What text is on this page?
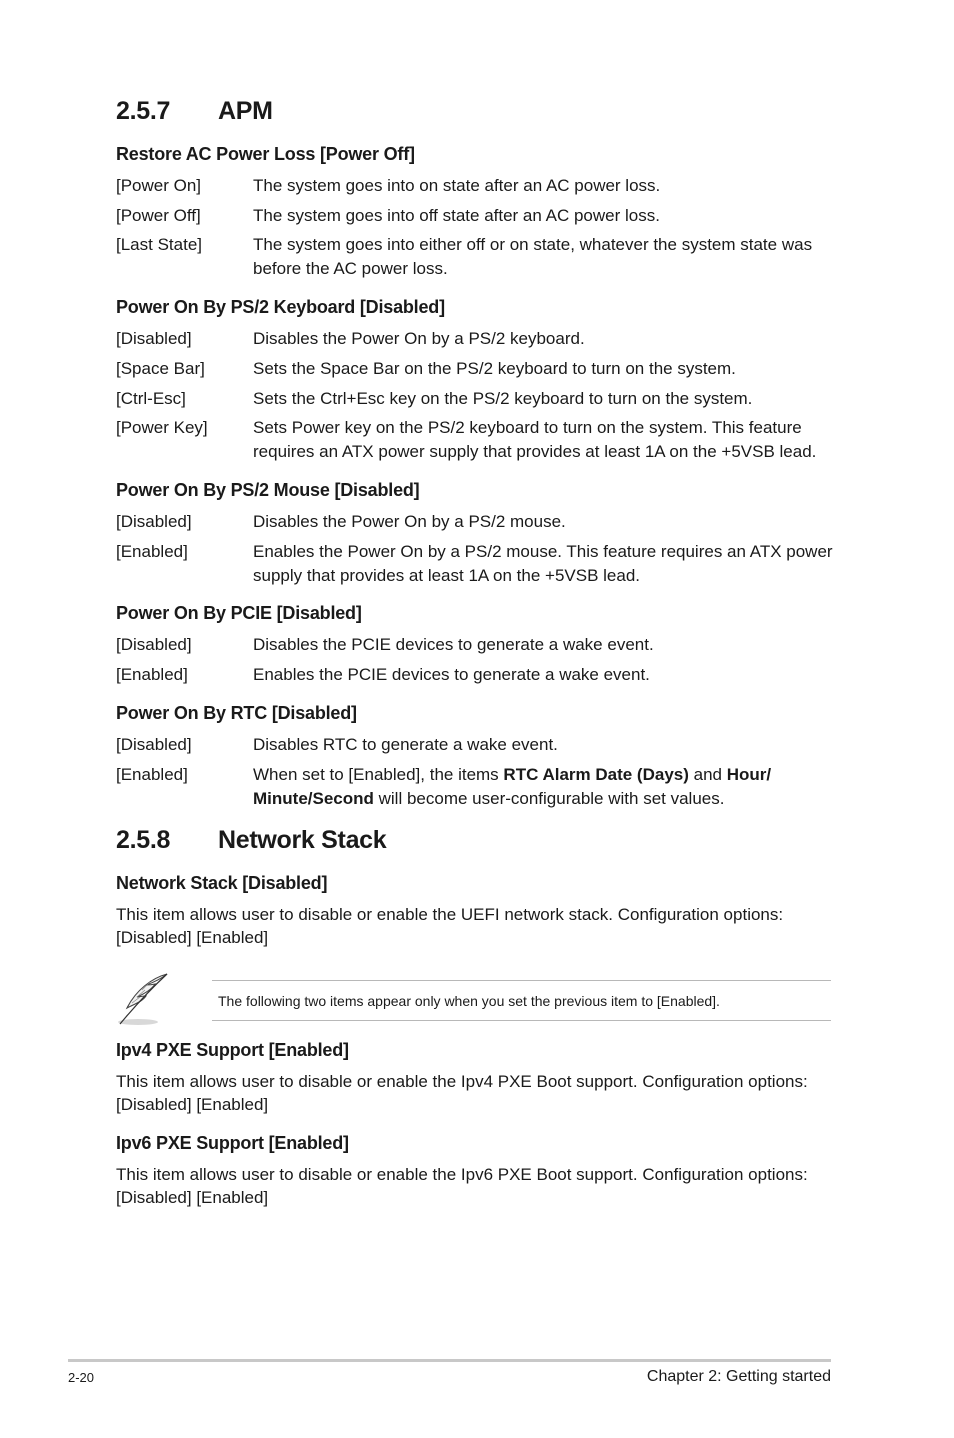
2.5.7 APM
Restore AC Power Loss [Power Off]
[Power On]	The system goes into on state after an AC power loss.
[Power Off]	The system goes into off state after an AC power loss.
[Last State]	The system goes into either off or on state, whatever the system state was before the AC power loss.
Power On By PS/2 Keyboard [Disabled]
[Disabled]	Disables the Power On by a PS/2 keyboard.
[Space Bar]	Sets the Space Bar on the PS/2 keyboard to turn on the system.
[Ctrl-Esc]	Sets the Ctrl+Esc key on the PS/2 keyboard to turn on the system.
[Power Key]	Sets Power key on the PS/2 keyboard to turn on the system. This feature requires an ATX power supply that provides at least 1A on the +5VSB lead.
Power On By PS/2 Mouse [Disabled]
[Disabled]	Disables the Power On by a PS/2 mouse.
[Enabled]	Enables the Power On by a PS/2 mouse. This feature requires an ATX power supply that provides at least 1A on the +5VSB lead.
Power On By PCIE [Disabled]
[Disabled]	Disables the PCIE devices to generate a wake event.
[Enabled]	Enables the PCIE devices to generate a wake event.
Power On By RTC [Disabled]
[Disabled]	Disables RTC to generate a wake event.
[Enabled]	When set to [Enabled], the items RTC Alarm Date (Days) and Hour/ Minute/Second will become user-configurable with set values.
2.5.8 Network Stack
Network Stack [Disabled]

This item allows user to disable or enable the UEFI network stack. Configuration options: [Disabled] [Enabled]

The following two items appear only when you set the previous item to [Enabled].
Ipv4 PXE Support [Enabled]

This item allows user to disable or enable the Ipv4 PXE Boot support. Configuration options: [Disabled] [Enabled]

Ipv6 PXE Support [Enabled]

This item allows user to disable or enable the Ipv6 PXE Boot support. Configuration options: [Disabled] [Enabled]

2-20	Chapter 2: Getting started
